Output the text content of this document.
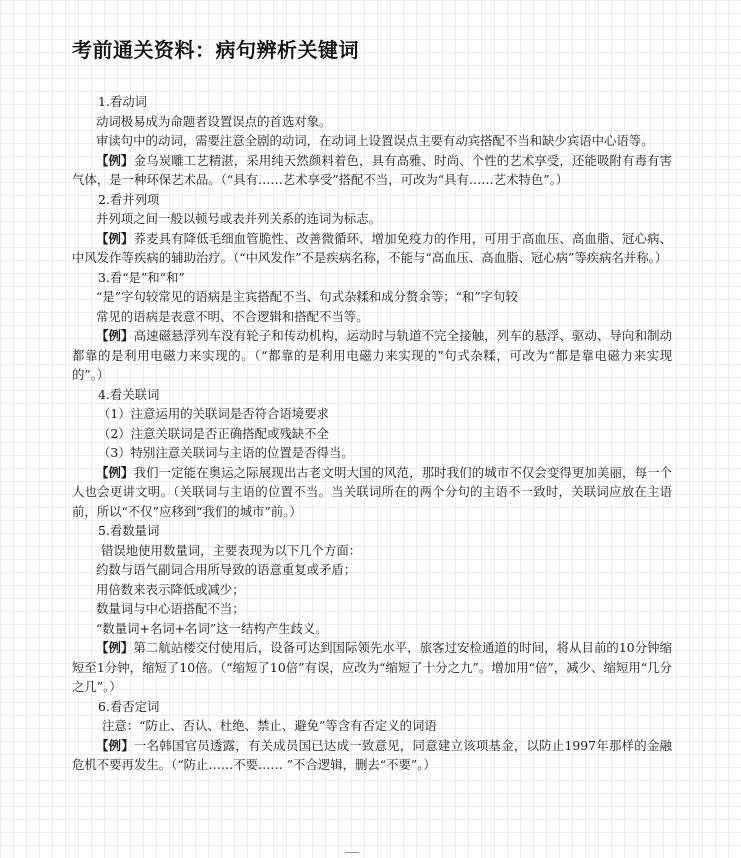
考前通关资料：病句辨析关键词

1.看动词

动词极易成为命题者设置误点的首选对象。

审读句中的动词，需要注意全剧的动词，在动词上设置误点主要有动宾搭配不当和缺少宾语中心语等。

【例】金乌炭雕工艺精湛，采用纯天然颜料着色，具有高雅、时尚、个性的艺术享受，还能吸附有毒有害气体，是一种环保艺术品。（“具有……艺术享受”搭配不当，可改为“具有……艺术特色”。）

2.看并列项

并列项之间一般以顿号或表并列关系的连词为标志。

【例】荞麦具有降低毛细血管脆性、改善微循环、增加免疫力的作用，可用于高血压、高血脂、冠心病、中风发作等疾病的辅助治疗。（“中风发作”不是疾病名称，不能与“高血压、高血脂、冠心病”等疾病名并称。）

3.看“是”和“和”

“是”字句较常见的语病是主宾搭配不当、句式杂糅和成分赘余等；“和”字句较

常见的语病是表意不明、不合逻辑和搭配不当等。

【例】高速磁悬浮列车没有轮子和传动机构，运动时与轨道不完全接触，列车的悬浮、驱动、导向和制动都靠的是利用电磁力来实现的。（“都靠的是利用电磁力来实现的”句式杂糅，可改为“都是靠电磁力来实现的”。）

4.看关联词

（1）注意运用的关联词是否符合语境要求

（2）注意关联词是否正确搭配或残缺不全

（3）特别注意关联词与主语的位置是否得当。

【例】我们一定能在奥运之际展现出古老文明大国的风范，那时我们的城市不仅会变得更加美丽，每一个人也会更讲文明。（关联词与主语的位置不当。当关联词所在的两个分句的主语不一致时，关联词应放在主语前，所以“不仅”应移到“我们的城市”前。）

5.看数量词

错误地使用数量词，主要表现为以下几个方面：

约数与语气副词合用所导致的语意重复或矛盾；

用倍数来表示降低或减少；

数量词与中心语搭配不当；

“数量词+名词+名词”这一结构产生歧义。

【例】第二航站楼交付使用后，设备可达到国际领先水平，旅客过安检通道的时间，将从目前的10分钟缩短至1分钟，缩短了10倍。（“缩短了10倍”有误，应改为“缩短了十分之九”。增加用“倍”，减少、缩短用“几分之几”。）

6.看否定词

注意：“防止、否认、杜绝、禁止、避免”等含有否定义的词语

【例】一名韩国官员透露，有关成员国已达成一致意见，同意建立该项基金，以防止1997年那样的金融危机不要再发生。（“防止……不要…… ”不合逻辑，删去“不要”。）
